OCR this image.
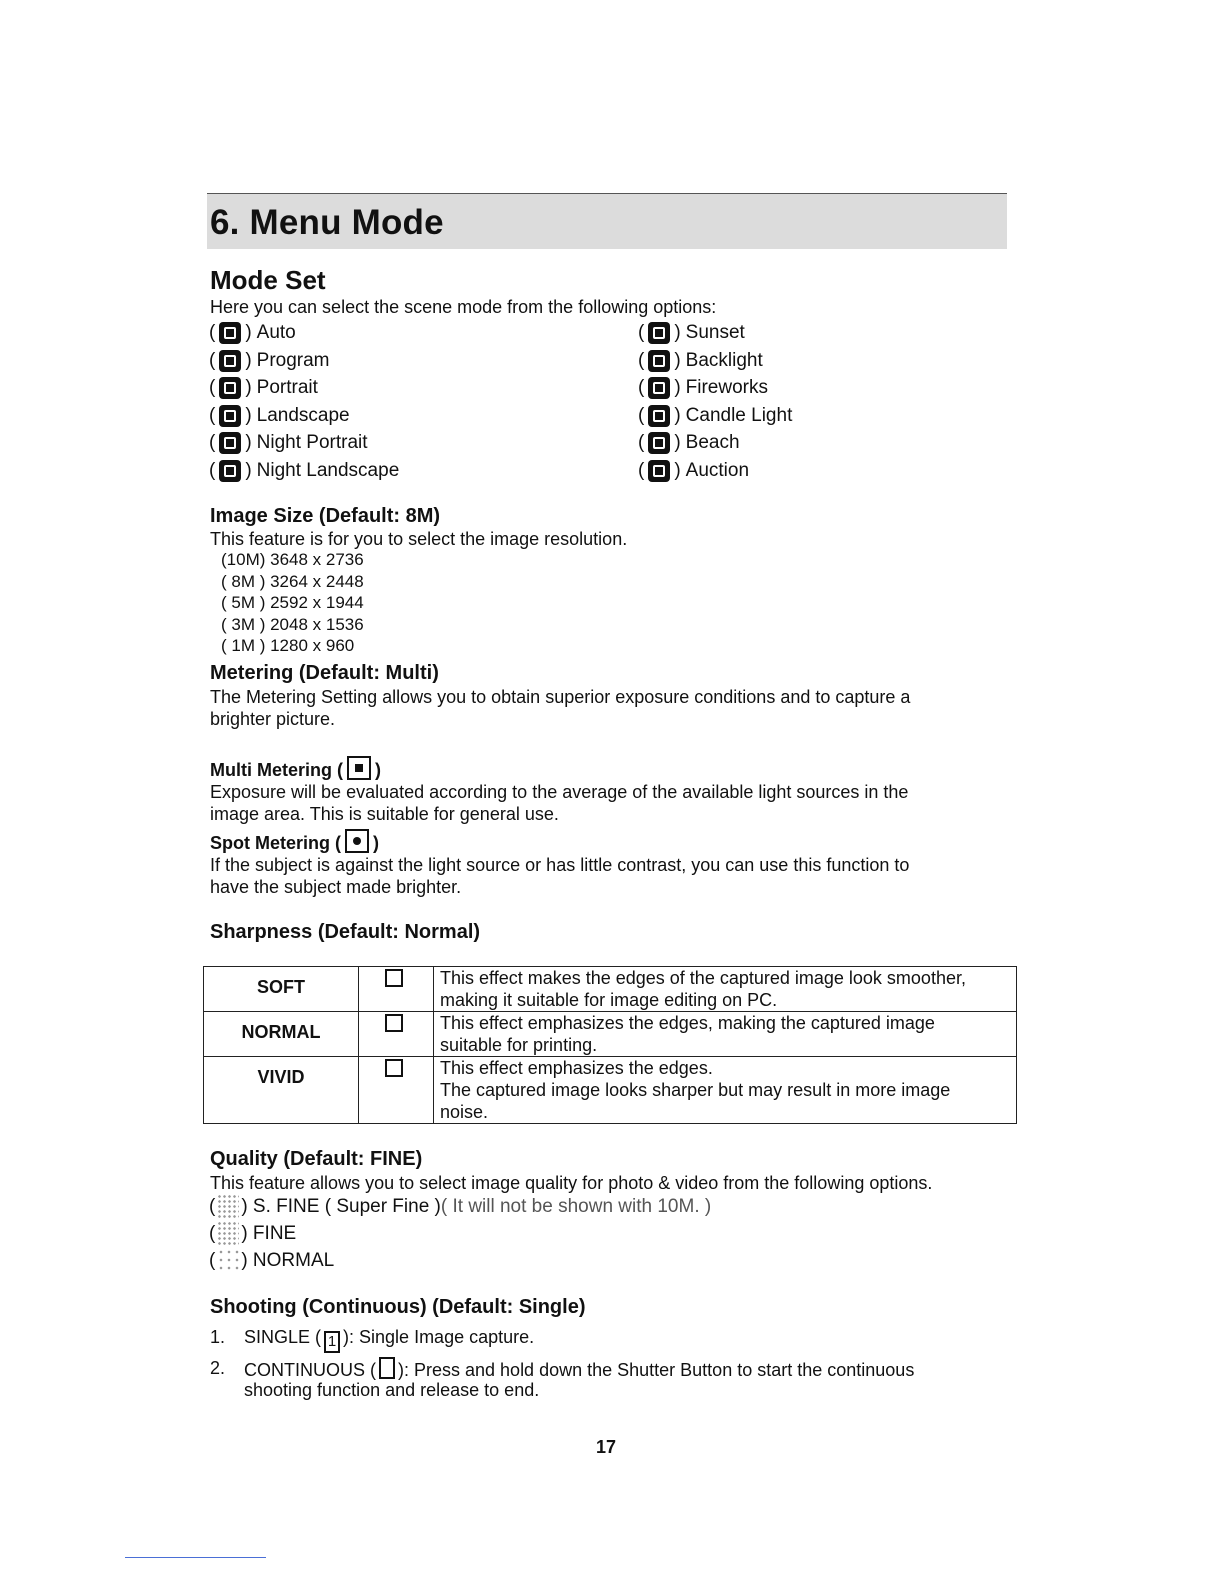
6. Menu Mode
Mode Set
Here you can select the scene mode from the following options:
( ) Auto
( ) Program
( ) Portrait
( ) Landscape
( ) Night Portrait
( ) Night Landscape
( ) Sunset
( ) Backlight
( ) Fireworks
( ) Candle Light
( ) Beach
( ) Auction
Image Size (Default: 8M)
This feature is for you to select the image resolution.
(10M) 3648 x 2736
( 8M ) 3264 x 2448
( 5M ) 2592 x 1944
( 3M ) 2048 x 1536
( 1M ) 1280 x 960
Metering (Default: Multi)
The Metering Setting allows you to obtain superior exposure conditions and to capture a
brighter picture.
Multi Metering ( )
Exposure will be evaluated according to the average of the available light sources in the
image area. This is suitable for general use.
Spot Metering ( )
If the subject is against the light source or has little contrast, you can use this function to
have the subject made brighter.
Sharpness (Default: Normal)
SOFT		This effect makes the edges of the captured image look smoother,
making it suitable for image editing on PC.

NORMAL		This effect emphasizes the edges, making the captured image
suitable for printing.

VIVID		This effect emphasizes the edges.
The captured image looks sharper but may result in more image
noise.
Quality (Default: FINE)
This feature allows you to select image quality for photo & video from the following options.
( ) S. FINE ( Super Fine ) ( It will not be shown with 10M. )
( ) FINE
( ) NORMAL
Shooting (Continuous) (Default: Single)
1. SINGLE ( 1 ): Single Image capture.
2. CONTINUOUS ( ): Press and hold down the Shutter Button to start the continuous
shooting function and release to end.
17
